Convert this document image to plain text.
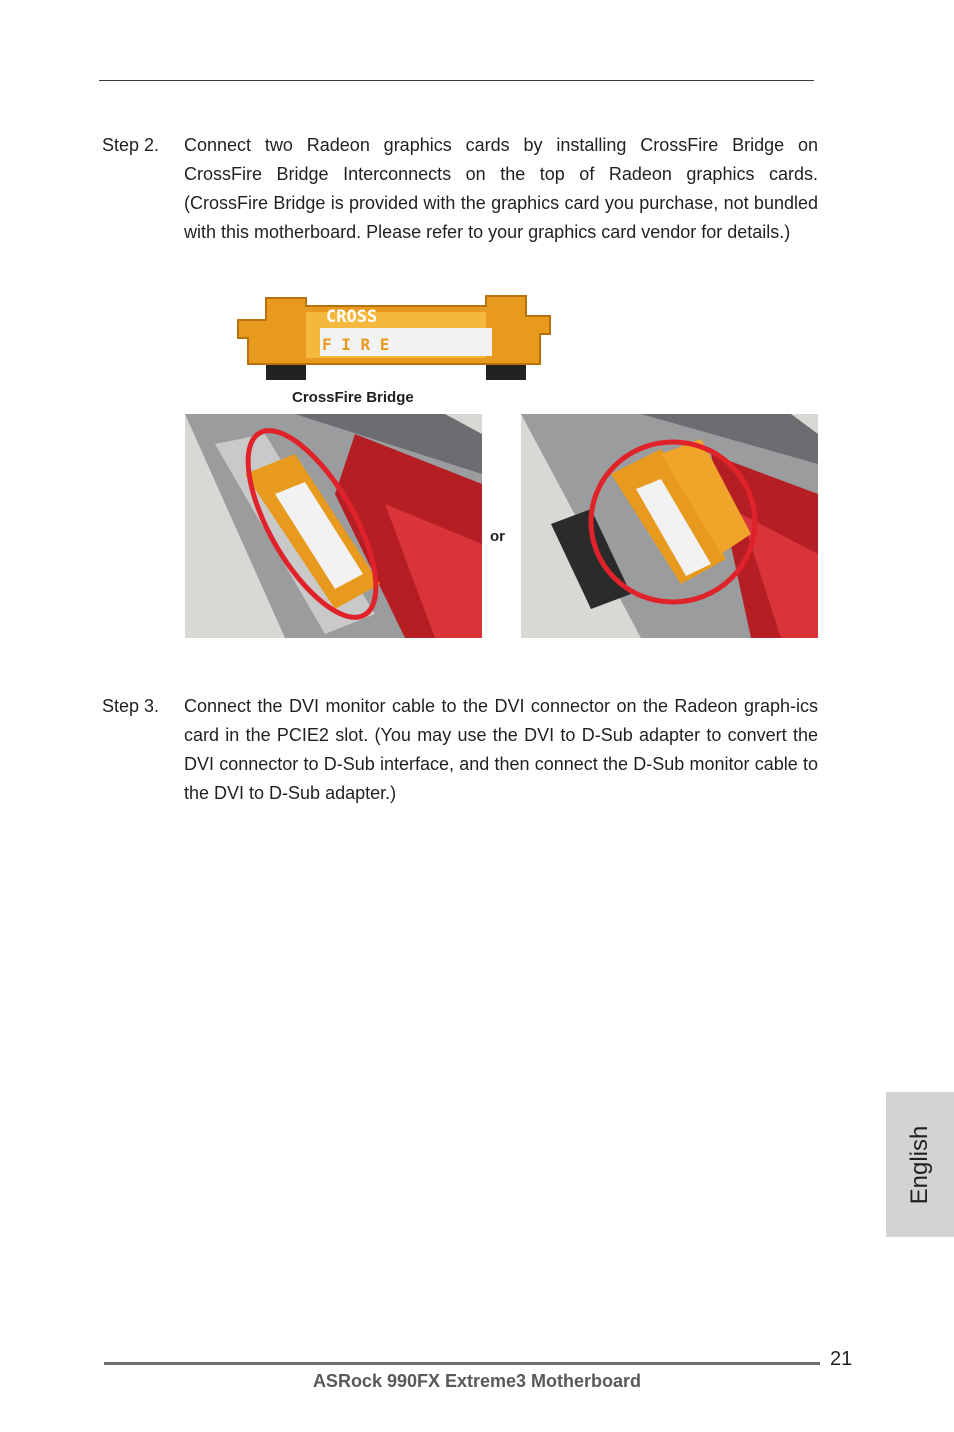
Step 2. Connect two Radeon graphics cards by installing CrossFire Bridge on CrossFire Bridge Interconnects on the top of Radeon graphics cards. (CrossFire Bridge is provided with the graphics card you purchase, not bundled with this motherboard. Please refer to your graphics card vendor for details.)
CROSS
F I R E
CrossFire Bridge
or
Step 3. Connect the DVI monitor cable to the DVI connector on the Radeon graph-ics card in the PCIE2 slot. (You may use the DVI to D-Sub adapter to convert the DVI connector to D-Sub interface, and then connect the D-Sub monitor cable to the DVI to D-Sub adapter.)
English
21
ASRock 990FX Extreme3 Motherboard
